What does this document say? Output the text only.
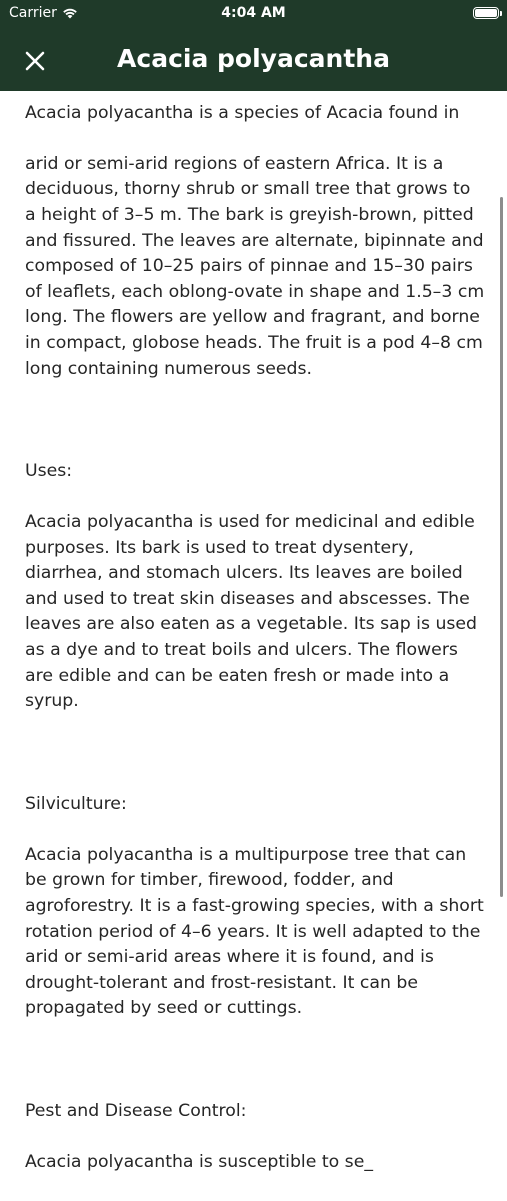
Carrier	4:04 AM
Acacia polyacantha

Acacia polyacantha is a species of Acacia found in

arid or semi-arid regions of eastern Africa. It is a deciduous, thorny shrub or small tree that grows to a height of 3–5 m. The bark is greyish-brown, pitted and fissured. The leaves are alternate, bipinnate and composed of 10–25 pairs of pinnae and 15–30 pairs of leaflets, each oblong-ovate in shape and 1.5–3 cm long. The flowers are yellow and fragrant, and borne in compact, globose heads. The fruit is a pod 4–8 cm long containing numerous seeds.

Uses:

Acacia polyacantha is used for medicinal and edible purposes. Its bark is used to treat dysentery, diarrhea, and stomach ulcers. Its leaves are boiled and used to treat skin diseases and abscesses. The leaves are also eaten as a vegetable. Its sap is used as a dye and to treat boils and ulcers. The flowers are edible and can be eaten fresh or made into a syrup.

Silviculture:

Acacia polyacantha is a multipurpose tree that can be grown for timber, firewood, fodder, and agroforestry. It is a fast-growing species, with a short rotation period of 4–6 years. It is well adapted to the arid or semi-arid areas where it is found, and is drought-tolerant and frost-resistant. It can be propagated by seed or cuttings.

Pest and Disease Control:

Acacia polyacantha is susceptible to se_
